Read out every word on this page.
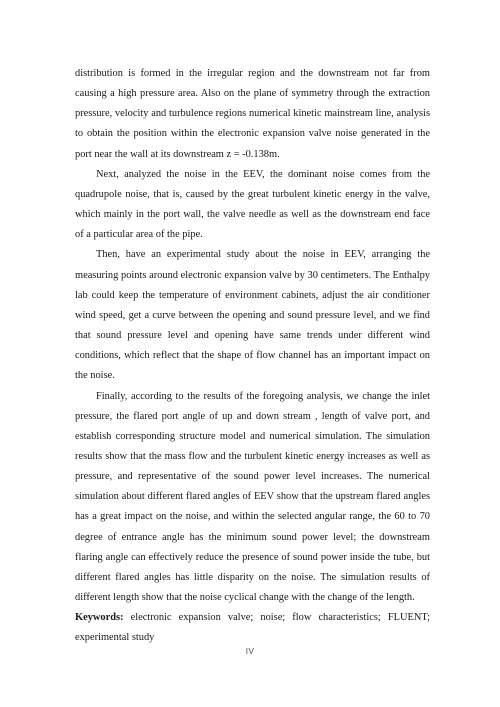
distribution is formed in the irregular region and the downstream not far from causing a high pressure area. Also on the plane of symmetry through the extraction pressure, velocity and turbulence regions numerical kinetic mainstream line, analysis to obtain the position within the electronic expansion valve noise generated in the port near the wall at its downstream z = -0.138m.

Next, analyzed the noise in the EEV, the dominant noise comes from the quadrupole noise, that is, caused by the great turbulent kinetic energy in the valve, which mainly in the port wall, the valve needle as well as the downstream end face of a particular area of the pipe.

Then, have an experimental study about the noise in EEV, arranging the measuring points around electronic expansion valve by 30 centimeters. The Enthalpy lab could keep the temperature of environment cabinets, adjust the air conditioner wind speed, get a curve between the opening and sound pressure level, and we find that sound pressure level and opening have same trends under different wind conditions, which reflect that the shape of flow channel has an important impact on the noise.

Finally, according to the results of the foregoing analysis, we change the inlet pressure, the flared port angle of up and down stream , length of valve port, and establish corresponding structure model and numerical simulation. The simulation results show that the mass flow and the turbulent kinetic energy increases as well as pressure, and representative of the sound power level increases. The numerical simulation about different flared angles of EEV show that the upstream flared angles has a great impact on the noise, and within the selected angular range, the 60 to 70 degree of entrance angle has the minimum sound power level; the downstream flaring angle can effectively reduce the presence of sound power inside the tube, but different flared angles has little disparity on the noise. The simulation results of different length show that the noise cyclical change with the change of the length.

Keywords: electronic expansion valve; noise; flow characteristics; FLUENT; experimental study

IV
